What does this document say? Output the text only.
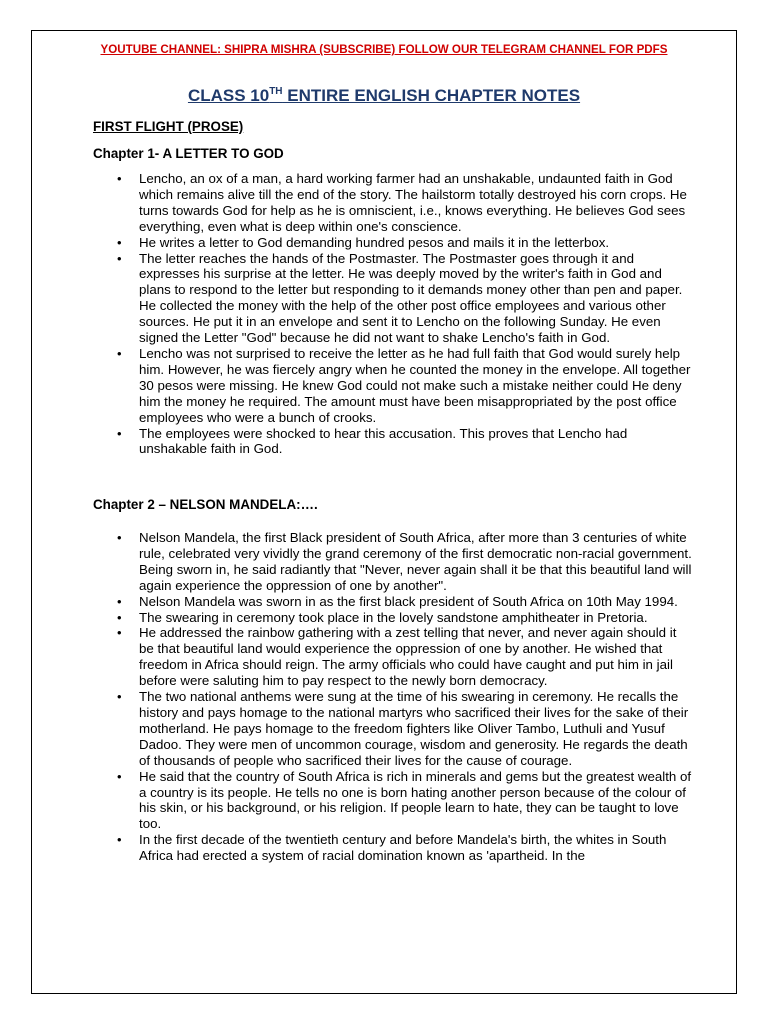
YOUTUBE CHANNEL: SHIPRA MISHRA (SUBSCRIBE) FOLLOW OUR TELEGRAM CHANNEL FOR PDFS
CLASS 10TH ENTIRE ENGLISH CHAPTER NOTES
FIRST FLIGHT (PROSE)
Chapter 1- A LETTER TO GOD
• Lencho, an ox of a man, a hard working farmer had an unshakable, undaunted faith in God which remains alive till the end of the story. The hailstorm totally destroyed his corn crops. He turns towards God for help as he is omniscient, i.e., knows everything. He believes God sees everything, even what is deep within one's conscience.
• He writes a letter to God demanding hundred pesos and mails it in the letterbox.
• The letter reaches the hands of the Postmaster. The Postmaster goes through it and expresses his surprise at the letter. He was deeply moved by the writer's faith in God and plans to respond to the letter but responding to it demands money other than pen and paper. He collected the money with the help of the other post office employees and various other sources. He put it in an envelope and sent it to Lencho on the following Sunday. He even signed the Letter "God" because he did not want to shake Lencho's faith in God.
• Lencho was not surprised to receive the letter as he had full faith that God would surely help him. However, he was fiercely angry when he counted the money in the envelope. All together 30 pesos were missing. He knew God could not make such a mistake neither could He deny him the money he required. The amount must have been misappropriated by the post office employees who were a bunch of crooks.
• The employees were shocked to hear this accusation. This proves that Lencho had unshakable faith in God.
Chapter 2 – NELSON MANDELA:….
• Nelson Mandela, the first Black president of South Africa, after more than 3 centuries of white rule, celebrated very vividly the grand ceremony of the first democratic non-racial government. Being sworn in, he said radiantly that "Never, never again shall it be that this beautiful land will again experience the oppression of one by another".
• Nelson Mandela was sworn in as the first black president of South Africa on 10th May 1994.
• The swearing in ceremony took place in the lovely sandstone amphitheater in Pretoria.
• He addressed the rainbow gathering with a zest telling that never, and never again should it be that beautiful land would experience the oppression of one by another. He wished that freedom in Africa should reign. The army officials who could have caught and put him in jail before were saluting him to pay respect to the newly born democracy.
• The two national anthems were sung at the time of his swearing in ceremony. He recalls the history and pays homage to the national martyrs who sacrificed their lives for the sake of their motherland. He pays homage to the freedom fighters like Oliver Tambo, Luthuli and Yusuf Dadoo. They were men of uncommon courage, wisdom and generosity. He regards the death of thousands of people who sacrificed their lives for the cause of courage.
• He said that the country of South Africa is rich in minerals and gems but the greatest wealth of a country is its people. He tells no one is born hating another person because of the colour of his skin, or his background, or his religion. If people learn to hate, they can be taught to love too.
• In the first decade of the twentieth century and before Mandela's birth, the whites in South Africa had erected a system of racial domination known as 'apartheid. In the
